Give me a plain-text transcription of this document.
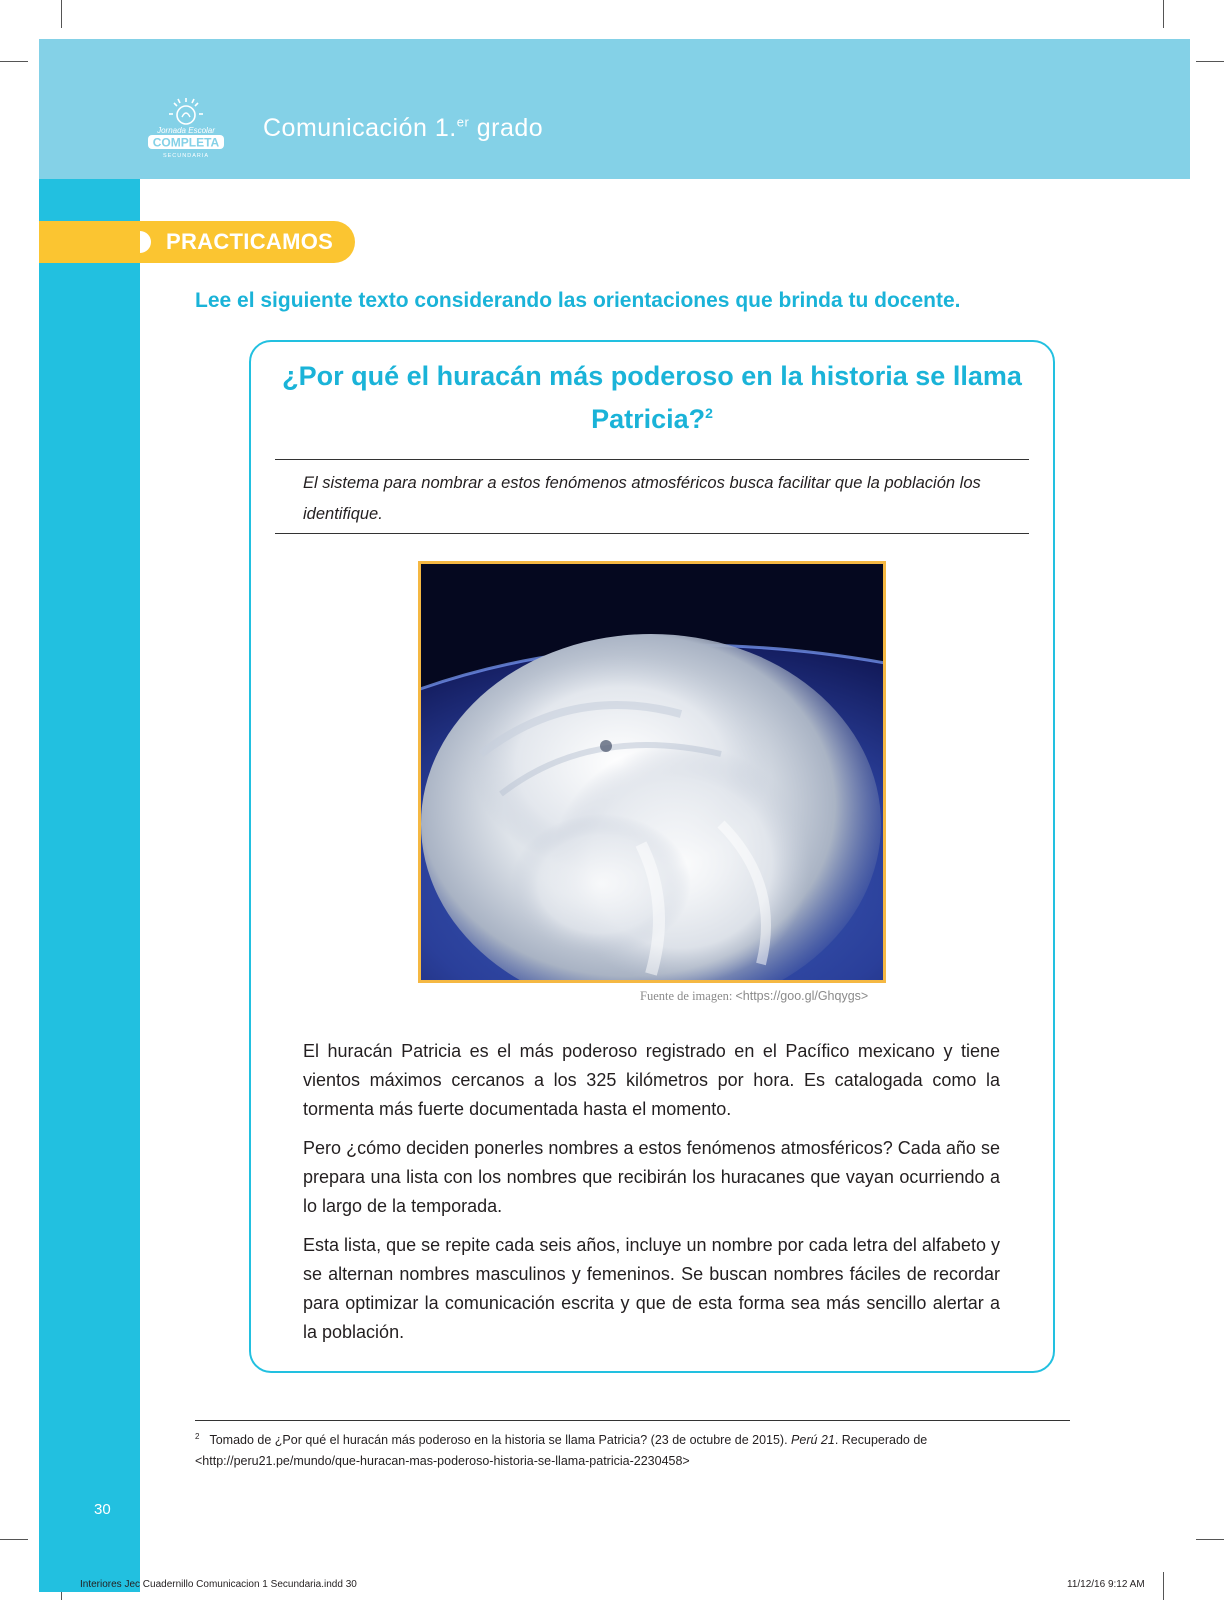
Jornada Escolar
COMPLETA
SECUNDARIA
Comunicación 1.$^{er}$ grado
PRACTICAMOS
Lee el siguiente texto considerando las orientaciones que brinda tu docente.
¿Por qué el huracán más poderoso en la historia se llama Patricia?$^2$
El sistema para nombrar a estos fenómenos atmosféricos busca facilitar que la población los identifique.
Fuente de imagen: <https://goo.gl/Ghqygs>

El huracán Patricia es el más poderoso registrado en el Pacífico mexicano y tiene vientos máximos cercanos a los 325 kilómetros por hora. Es catalogada como la tormenta más fuerte documentada hasta el momento.

Pero ¿cómo deciden ponerles nombres a estos fenómenos atmosféricos? Cada año se prepara una lista con los nombres que recibirán los huracanes que vayan ocurriendo a lo largo de la temporada.

Esta lista, que se repite cada seis años, incluye un nombre por cada letra del alfabeto y se alternan nombres masculinos y femeninos. Se buscan nombres fáciles de recordar para optimizar la comunicación escrita y que de esta forma sea más sencillo alertar a la población.

$^2$ Tomado de ¿Por qué el huracán más poderoso en la historia se llama Patricia? (23 de octubre de 2015). Perú 21. Recuperado de <http://peru21.pe/mundo/que-huracan-mas-poderoso-historia-se-llama-patricia-2230458>
30
Interiores Jec Cuadernillo Comunicacion 1 Secundaria.indd 30	11/12/16 9:12 AM
